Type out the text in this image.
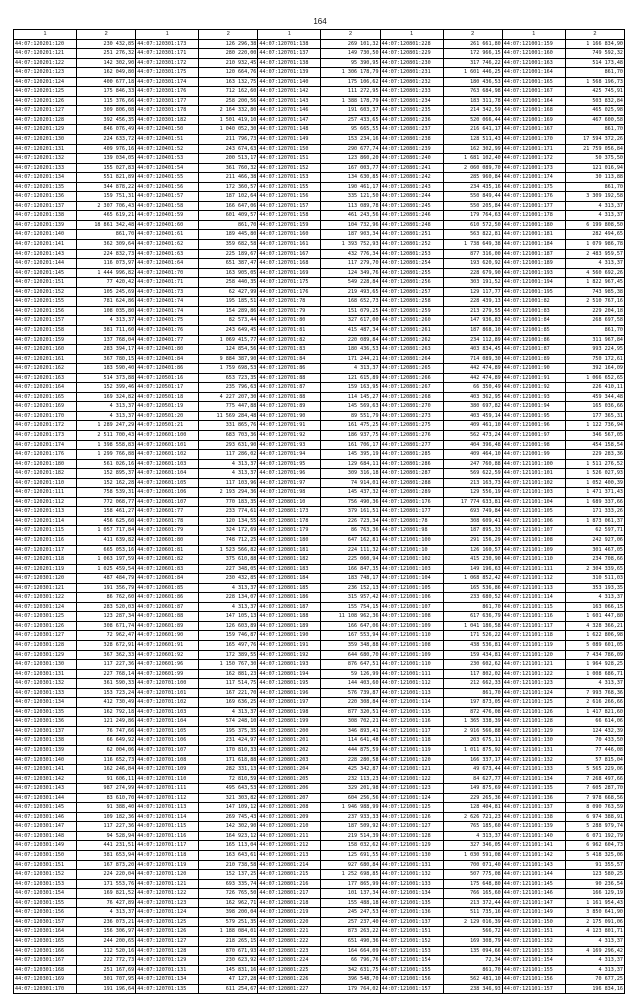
164
1	2	1	2	1	2	1	2	1	2
44:07:120201:120	230 432,85	44:07:120301:173	126 296,38	44:07:120701:138	269 101,32	44:07:120801:228	261 661,80	44:07:121001:159	1 166 834,90
44:07:120201:121	251 276,32	44:07:120301:171	280 220,00	44:07:120701:137	149 730,50	44:07:120801:229	172 966,15	44:07:121001:160	749 592,32
44:07:120201:122	142 302,90	44:07:120301:172	210 932,45	44:07:120701:138	95 390,95	44:07:120801:230	317 746,22	44:07:121001:163	514 173,48
44:07:120201:123	162 049,80	44:07:120301:175	120 664,76	44:07:120701:139	1 306 178,79	44:07:120801:231	1 601 446,25	44:07:121001:164	861,70
44:07:120201:124	400 677,18	44:07:120301:174	163 132,75	44:07:120701:140	175 106,62	44:07:120801:232	180 436,53	44:07:121001:165	1 568 196,73
44:07:120201:125	175 846,33	44:07:120301:176	712 162,60	44:07:120701:142	111 272,95	44:07:120801:233	763 684,98	44:07:121001:167	425 745,91
44:07:120201:126	115 376,66	44:07:120301:177	258 200,56	44:07:120701:143	1 388 178,79	44:07:120801:234	183 311,78	44:07:121001:164	503 832,84
44:07:120201:127	309 806,08	44:07:120301:178	2 164 332,80	44:07:120701:146	191 603,37	44:07:120801:235	214 342,59	44:07:121001:168	465 025,98
44:07:120201:128	392 456,35	44:07:120301:182	1 501 419,10	44:07:120701:147	257 433,65	44:07:120801:236	520 066,44	44:07:121001:169	467 600,58
44:07:120201:129	846 076,49	44:07:120401:50	1 040 052,30	44:07:120701:148	95 665,55	44:07:120801:237	216 641,17	44:07:121001:167	861,70
44:07:120201:130	224 633,72	44:07:120401:51	211 796,73	44:07:120701:149	153 234,16	44:07:120801:238	128 511,43	44:07:121001:170	17 594 372,26
44:07:120201:131	409 976,16	44:07:120401:52	243 674,63	44:07:120701:150	290 677,74	44:07:120801:239	162 302,99	44:07:121001:171	21 759 056,84
44:07:120201:132	139 034,05	44:07:120401:53	200 513,17	44:07:120701:151	123 860,20	44:07:120801:240	1 681 102,40	44:07:121001:172	50 375,50
44:07:120201:133	155 027,83	44:07:120401:54	361 760,32	44:07:120701:152	167 003,77	44:07:120801:241	2 060 089,70	44:07:121001:173	121 016,94
44:07:120201:134	551 821,89	44:07:120401:55	211 466,38	44:07:120701:153	134 630,85	44:07:120801:242	285 960,84	44:07:121001:174	30 113,88
44:07:120201:135	344 878,22	44:07:120401:56	172 360,57	44:07:120701:155	190 461,17	44:07:120801:243	234 435,16	44:07:121001:175	861,70
44:07:120201:136	159 751,31	44:07:120401:57	187 102,64	44:07:120701:156	335 121,50	44:07:120801:244	550 849,44	44:07:121001:176	3 309 192,58
44:07:120201:137	2 307 706,43	44:07:120401:58	166 647,06	44:07:120701:157	113 089,78	44:07:120801:245	550 205,84	44:07:121001:177	4 313,37
44:07:120201:138	465 619,21	44:07:120401:59	601 409,57	44:07:120701:158	461 243,56	44:07:120801:246	179 764,63	44:07:121001:178	4 313,37
44:07:120201:139	18 861 342,48	44:07:120401:60	861,70	44:07:120701:159	104 732,96	44:07:120801:248	610 572,50	44:07:121001:180	6 199 808,50
44:07:120201:140	861,70	44:07:120401:61	189 445,80	44:07:120701:160	187 903,34	44:07:120801:251	563 822,81	44:07:121001:181	282 494,65
44:07:120201:141	362 309,64	44:07:120401:62	359 682,58	44:07:120701:161	1 393 752,93	44:07:120801:252	1 738 649,38	44:07:121001:184	1 079 986,78
44:07:120201:143	224 832,73	44:07:120401:63	225 189,67	44:07:120701:167	432 776,34	44:07:120801:253	877 316,00	44:07:121001:187	2 483 959,57
44:07:120201:144	116 073,97	44:07:120401:64	651 387,47	44:07:120701:168	117 279,70	44:07:120801:254	193 620,92	44:07:121001:189	4 313,37
44:07:120201:145	1 444 996,82	44:07:120401:70	163 905,05	44:07:120701:169	124 349,76	44:07:120801:255	228 679,90	44:07:121001:193	4 560 692,26
44:07:120201:151	77 420,42	44:07:120401:71	258 440,35	44:07:120701:175	549 228,84	44:07:120801:256	303 191,52	44:07:121001:194	1 822 967,45
44:07:120201:152	105 245,69	44:07:120401:73	62 427,99	44:07:120701:176	219 493,65	44:07:120801:257	129 117,77	44:07:121001:195	743 985,38
44:07:120201:155	781 624,86	44:07:120401:74	195 185,51	44:07:120701:78	168 652,73	44:07:120801:258	228 439,13	44:07:121001:82	2 510 767,16
44:07:120201:156	108 035,80	44:07:120401:74	154 289,86	44:07:120701:79	151 079,25	44:07:120801:259	213 279,55	44:07:121001:83	229 204,18
44:07:120201:157	4 313,37	44:07:120401:75	82 573,44	44:07:120701:80	327 617,00	44:07:120801:260	147 936,83	44:07:121001:84	268 697,58
44:07:120201:158	381 711,60	44:07:120401:76	243 649,45	44:07:120701:81	415 487,34	44:07:120801:261	187 868,10	44:07:121001:85	861,70
44:07:120201:159	137 768,04	44:07:120401:77	1 069 415,77	44:07:120701:82	220 089,84	44:07:120801:262	234 112,89	44:07:121001:86	311 967,84
44:07:120201:160	283 394,17	44:07:120401:80	124 854,56	44:07:120701:83	180 436,53	44:07:120801:263	403 834,45	44:07:121001:87	993 224,95
44:07:120201:161	367 780,15	44:07:120401:84	9 884 387,90	44:07:120701:84	171 244,21	44:07:120801:264	714 089,30	44:07:121001:89	750 172,61
44:07:120201:162	183 590,40	44:07:120401:86	1 759 698,53	44:07:120701:86	4 313,37	44:07:120801:265	442 474,89	44:07:121001:90	392 164,09
44:07:120201:163	514 373,88	44:07:120501:16	653 723,35	44:07:120701:88	121 615,89	44:07:120801:266	442 474,89	44:07:121001:91	1 066 652,65
44:07:120201:164	152 399,46	44:07:120501:17	235 796,63	44:07:120701:87	159 163,95	44:07:120801:267	66 350,49	44:07:121001:92	226 410,11
44:07:120201:165	169 324,82	44:07:120501:18	4 227 207,30	44:07:120701:88	114 145,27	44:07:120801:268	403 362,95	44:07:121001:93	459 344,48
44:07:120201:169	4 313,37	44:07:120501:19	775 447,88	44:07:120701:89	145 569,63	44:07:120801:270	380 697,82	44:07:121001:94	165 036,66
44:07:120201:170	4 313,37	44:07:120501:20	11 569 284,48	44:07:120701:90	89 551,79	44:07:120801:273	403 459,14	44:07:121001:95	177 365,31
44:07:120201:172	1 289 247,29	44:07:120501:21	331 865,76	44:07:120701:91	161 475,25	44:07:120801:275	409 461,10	44:07:121001:96	1 122 736,94
44:07:120201:173	2 511 700,43	44:07:120601:100	683 703,36	44:07:120701:92	186 937,75	44:07:120801:276	562 473,24	44:07:121001:97	346 567,05
44:07:120201:174	1 398 558,83	44:07:120601:101	293 631,90	44:07:120701:93	161 706,17	44:07:120801:277	404 396,48	44:07:121001:98	454 158,54
44:07:120201:176	1 299 766,88	44:07:120601:102	117 286,02	44:07:120701:94	145 395,19	44:07:120801:285	409 464,10	44:07:121001:99	229 283,36
44:07:120201:180	561 026,16	44:07:120601:103	4 313,37	44:07:120701:95	129 684,11	44:07:120801:286	247 760,88	44:07:121101:100	1 511 276,52
44:07:120201:182	152 895,37	44:07:120601:104	4 313,37	44:07:120701:96	309 316,18	44:07:120801:287	569 622,59	44:07:121101:101	1 526 027,93
44:07:120201:110	152 162,28	44:07:120601:105	117 103,96	44:07:120701:97	74 914,01	44:07:120801:288	213 163,73	44:07:121101:102	1 052 400,39
44:07:120201:111	758 539,31	44:07:120601:106	2 193 294,36	44:07:120701:98	145 437,32	44:07:120801:289	129 556,19	44:07:121101:103	1 471 371,43
44:07:120201:112	772 068,77	44:07:120601:107	770 183,35	44:07:120801:10	756 490,36	44:07:120801:176	17 774 633,81	44:07:121101:104	1 689 337,66
44:07:120201:113	158 461,27	44:07:120601:77	233 774,61	44:07:120801:173	379 161,51	44:07:120801:177	693 749,84	44:07:121101:105	171 333,26
44:07:120201:114	456 625,60	44:07:120601:78	120 134,55	44:07:120801:178	226 723,34	44:07:120801:78	308 609,41	44:07:121101:106	1 873 061,37
44:07:120201:115	1 057 717,84	44:07:120601:79	324 172,69	44:07:120801:179	86 763,36	44:07:120801:98	187 895,33	44:07:121101:107	62 597,71
44:07:120201:116	411 639,82	44:07:120601:80	748 712,25	44:07:120801:180	647 162,81	44:07:121001:100	291 156,29	44:07:121101:108	242 927,06
44:07:120201:117	665 053,16	44:07:120601:81	1 523 566,82	44:07:120801:181	224 111,32	44:07:121001:10	126 160,57	44:07:121101:109	301 467,05
44:07:120201:118	1 063 197,59	44:07:120601:82	375 610,88	44:07:120801:182	225 060,94	44:07:121001:102	415 230,90	44:07:121101:110	234 708,66
44:07:120201:119	1 025 459,54	44:07:120601:83	227 348,05	44:07:120801:183	166 847,35	44:07:121001:103	149 196,63	44:07:121101:111	2 304 339,65
44:07:120301:120	487 484,79	44:07:120601:84	230 432,85	44:07:120801:184	183 748,17	44:07:121001:104	1 068 852,42	44:07:121101:112	310 511,03
44:07:120301:121	191 356,79	44:07:120601:85	4 313,37	44:07:120801:185	236 152,13	44:07:121001:105	165 536,86	44:07:121101:113	353 193,35
44:07:120301:122	86 762,60	44:07:120601:86	228 134,07	44:07:120801:186	315 957,42	44:07:121001:106	233 680,52	44:07:121101:114	4 313,37
44:07:120301:124	283 520,03	44:07:120601:87	4 313,37	44:07:120801:187	155 754,15	44:07:121001:107	861,70	44:07:121101:115	163 066,15
44:07:120301:125	123 287,34	44:07:120601:88	147 105,13	44:07:120801:188	11 108 962,36	44:07:121001:108	617 636,79	44:07:121101:116	1 601 447,80
44:07:120301:126	308 671,74	44:07:120601:89	126 603,89	44:07:120801:189	166 647,06	44:07:121001:109	1 041 186,58	44:07:121101:117	4 328 366,21
44:07:120301:127	72 962,47	44:07:120601:90	159 746,87	44:07:120801:190	167 553,94	44:07:121001:110	171 526,22	44:07:121101:118	1 622 806,98
44:07:120301:128	328 672,91	44:07:120601:91	165 497,76	44:07:120801:191	359 348,88	44:07:121001:108	438 536,81	44:07:121101:119	5 089 601,05
44:07:120301:129	367 362,33	44:07:120601:92	172 389,55	44:07:120801:192	644 680,70	44:07:121001:109	159 434,81	44:07:121101:120	7 434 786,09
44:07:120301:130	117 227,36	44:07:120601:96	1 150 767,30	44:07:120801:193	876 647,51	44:07:121001:110	230 602,62	44:07:121101:121	1 964 928,25
44:07:120301:131	227 768,14	44:07:120601:99	162 881,23	44:07:120801:194	59 126,99	44:07:121001:111	117 802,02	44:07:121101:122	1 008 686,71
44:07:120301:132	361 590,33	44:07:120701:100	117 514,75	44:07:120801:195	144 403,60	44:07:121001:112	212 662,33	44:07:121101:123	4 313,37
44:07:120301:133	153 723,24	44:07:120701:101	167 221,70	44:07:120801:196	576 739,87	44:07:121001:113	861,70	44:07:121101:124	7 993 768,36
44:07:120301:134	412 730,49	44:07:120701:102	169 636,25	44:07:120801:197	220 308,84	44:07:121001:114	197 873,05	44:07:121101:125	2 616 266,66
44:07:120301:135	162 792,18	44:07:120701:103	4 313,37	44:07:120801:198	877 320,51	44:07:121001:115	872 476,08	44:07:121101:126	1 417 821,60
44:07:120301:136	121 249,86	44:07:120701:104	574 248,10	44:07:120801:199	308 702,21	44:07:121001:116	1 365 338,39	44:07:121101:128	66 614,06
44:07:120301:137	76 747,66	44:07:120701:105	195 375,35	44:07:120801:200	346 893,41	44:07:121001:117	2 916 566,88	44:07:121101:129	124 432,39
44:07:120301:138	66 649,92	44:07:120701:106	231 424,97	44:07:120801:201	114 641,48	44:07:121001:118	203 675,11	44:07:121101:130	70 433,50
44:07:120301:139	62 004,06	44:07:120701:107	170 810,33	44:07:120801:202	444 875,59	44:07:121001:119	1 011 875,92	44:07:121101:131	77 446,08
44:07:120301:140	116 652,73	44:07:120701:108	171 618,88	44:07:120801:203	228 280,58	44:07:121001:120	166 337,17	44:07:121101:132	57 815,04
44:07:120301:141	162 246,84	44:07:120701:109	282 331,13	44:07:120801:204	425 342,87	44:07:121001:121	49 673,44	44:07:121101:133	5 565 229,06
44:07:120301:142	91 606,11	44:07:120701:110	72 810,59	44:07:120801:205	232 113,23	44:07:121001:122	84 627,77	44:07:121101:134	7 268 497,66
44:07:120301:143	987 274,99	44:07:120701:111	495 643,53	44:07:120801:206	329 201,98	44:07:121001:123	149 875,69	44:07:121101:135	7 605 287,70
44:07:120301:144	83 610,70	44:07:120701:112	321 303,82	44:07:120801:207	604 256,56	44:07:121001:124	229 265,36	44:07:121101:136	7 978 668,56
44:07:120301:145	91 388,40	44:07:120701:113	147 109,12	44:07:120801:208	1 946 988,99	44:07:121001:125	128 404,81	44:07:121101:137	8 090 763,59
44:07:120301:146	109 182,36	44:07:120701:114	269 745,43	44:07:120801:209	237 933,33	44:07:121001:126	2 626 721,23	44:07:121101:138	6 974 388,91
44:07:120301:147	117 227,36	44:07:120701:115	142 302,90	44:07:120801:210	187 509,92	44:07:121001:127	765 185,60	44:07:121101:139	5 288 979,74
44:07:120301:148	94 528,94	44:07:120701:116	164 923,12	44:07:120801:211	219 514,39	44:07:121001:128	4 313,37	44:07:121101:140	6 071 192,79
44:07:120301:149	441 231,51	44:07:120701:117	165 113,04	44:07:120801:212	158 032,62	44:07:121001:129	327 346,05	44:07:121101:141	6 962 604,73
44:07:120301:150	381 653,94	44:07:120701:118	163 643,61	44:07:120801:213	125 691,55	44:07:121001:130	1 030 591,08	44:07:121101:142	5 418 325,06
44:07:120301:151	167 873,20	44:07:120701:119	210 738,58	44:07:120801:214	927 680,84	44:07:121001:131	700 071,40	44:07:121101:143	91 355,57
44:07:120301:152	224 220,04	44:07:120701:120	152 137,25	44:07:120801:215	1 252 698,85	44:07:121001:132	507 775,08	44:07:121101:144	123 580,25
44:07:120301:153	171 553,76	44:07:120701:121	693 335,74	44:07:120801:216	177 865,99	44:07:121001:133	175 648,80	44:07:121101:145	90 236,54
44:07:120301:154	169 821,52	44:07:120701:122	726 765,50	44:07:120801:217	101 137,34	44:07:121001:134	766 165,60	44:07:121101:146	166 129,19
44:07:120301:155	76 427,89	44:07:120701:123	162 962,71	44:07:120801:218	155 488,18	44:07:121001:135	213 372,44	44:07:121101:147	1 161 954,43
44:07:120301:156	4 313,37	44:07:120701:124	398 200,04	44:07:120801:219	245 247,53	44:07:121001:136	511 735,16	44:07:121101:149	3 850 641,90
44:07:120301:157	236 073,21	44:07:120701:125	579 251,35	44:07:120801:220	257 237,40	44:07:121001:137	2 129 016,39	44:07:121101:150	2 175 091,06
44:07:120301:164	156 306,97	44:07:120701:126	1 188 084,01	44:07:120801:221	873 263,22	44:07:121001:151	566,72	44:07:121101:151	4 123 801,71
44:07:120301:165	244 200,65	44:07:120701:127	218 265,15	44:07:120801:222	651 490,36	44:07:121001:152	169 308,79	44:07:121101:152	4 313,37
44:07:120301:166	112 520,16	44:07:120701:128	870 671,93	44:07:120801:223	164 664,09	44:07:121001:153	135 094,66	44:07:121101:153	4 169 296,42
44:07:120301:167	222 772,73	44:07:120701:129	230 623,92	44:07:120801:224	66 796,76	44:07:121001:154	72,34	44:07:121101:154	4 313,37
44:07:120301:168	251 167,69	44:07:120701:131	145 831,16	44:07:120801:225	342 631,75	44:07:121001:155	861,70	44:07:121101:155	4 313,37
44:07:120301:169	301 707,95	44:07:120701:134	47 127,28	44:07:120801:226	396 548,70	44:07:121001:156	562 481,10	44:07:121101:156	70 677,25
44:07:120301:170	191 196,64	44:07:120701:135	611 254,67	44:07:120801:227	179 764,02	44:07:121001:157	238 346,93	44:07:121101:157	196 834,16
